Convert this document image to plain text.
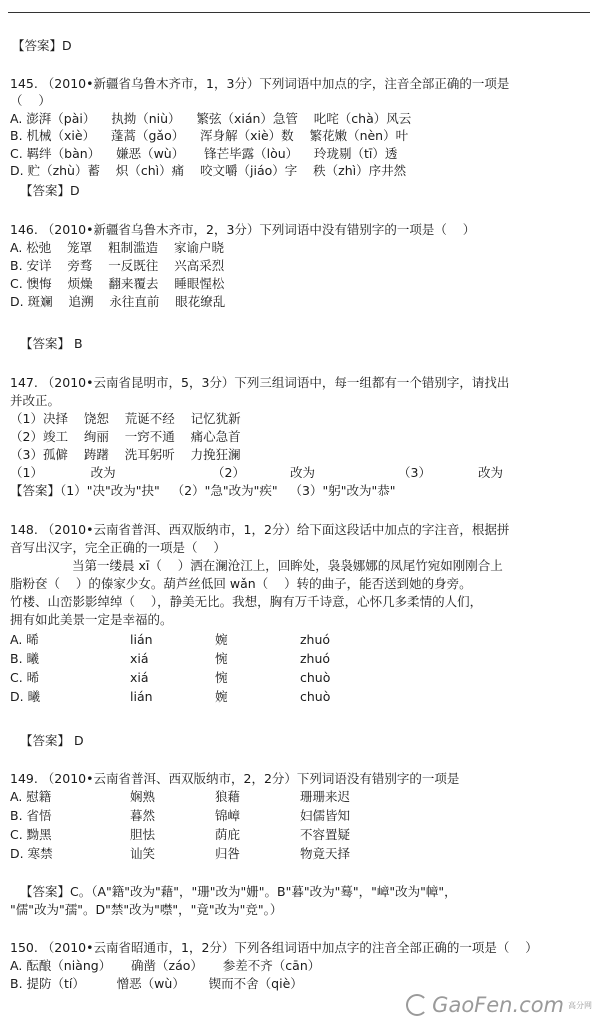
【答案】D
145. （2010•新疆省乌鲁木齐市，1，3分）下列词语中加点的字，注音全部正确的一项是
（    ）
A. 澎湃（pài）    执拗（niù）    繁弦（xián）急管    叱咤（chà）风云
B. 机械（xiè）    蓬蒿（gǎo）    浑身解（xiè）数    繁花嫩（nèn）叶
C. 羁绊（bàn）    嫌恶（wù）     锋芒毕露（lòu）    玲珑剔（tī）透
D. 贮（zhù）蓄    炽（chì）痛    咬文嚼（jiáo）字    秩（zhì）序井然
【答案】D
146. （2010•新疆省乌鲁木齐市，2，3分）下列词语中没有错别字的一项是（    ）
A. 松弛    笼罩    粗制滥造    家谕户晓
B. 安详    旁骛    一反既往    兴高采烈
C. 懊悔    烦燥    翻来覆去    睡眼惺松
D. 斑斓    追溯    永往直前    眼花缭乱
【答案】 B
147. （2010•云南省昆明市，5，3分）下列三组词语中，每一组都有一个错别字，请找出
并改正。
（1）决择    饶恕    荒诞不经    记忆犹新
（2）竣工    绚丽    一窍不通    痛心急首
（3）孤僻    踌躇    洗耳躬听    力挽狂澜
（1）            改为	（2）	改为	（3）	改为
【答案】（1）"决"改为"抉"   （2）"急"改为"疾"   （3）"躬"改为"恭"
148. （2010•云南省普洱、西双版纳市，1，2分）给下面这段话中加点的字注音，根据拼
音写出汉字，完全正确的一项是（    ）
当第一缕晨 xī（    ）洒在澜沧江上，回眸处，袅袅娜娜的凤尾竹宛如刚刚合上
脂粉奁（    ）的傣家少女。葫芦丝低回 wǎn（    ）转的曲子，能否送到她的身旁。
竹楼、山峦影影绰绰（    ），静美无比。我想，胸有万千诗意，心怀几多柔情的人们，
拥有如此美景一定是幸福的。
A. 晞	lián	婉	zhuó
B. 曦	xiá	惋	zhuó
C. 晞	xiá	惋	chuò
D. 曦	lián	婉	chuò
【答案】 D
149. （2010•云南省普洱、西双版纳市，2，2分）下列词语没有错别字的一项是
A. 慰籍	娴熟	狼藉	珊珊来迟
B. 省悟	暮然	锦嶂	妇儒皆知
C. 黝黑	胆怯	荫庇	不容置疑
D. 寒禁	讪笑	归咎	物竟天择
【答案】C。（A"籍"改为"藉"，"珊"改为"姗"。B"暮"改为"蓦"，"嶂"改为"幛"，
"儒"改为"孺"。D"禁"改为"噤"，"竟"改为"竞"。）
150. （2010•云南省昭通市，1，2分）下列各组词语中加点字的注音全部正确的一项是（    ）
A. 酝酿（niàng）     确凿（záo）     参差不齐（cān）
B. 提防（tí）        憎恶（wù）      锲而不舍（qiè）
GaoFen.com 高分网
